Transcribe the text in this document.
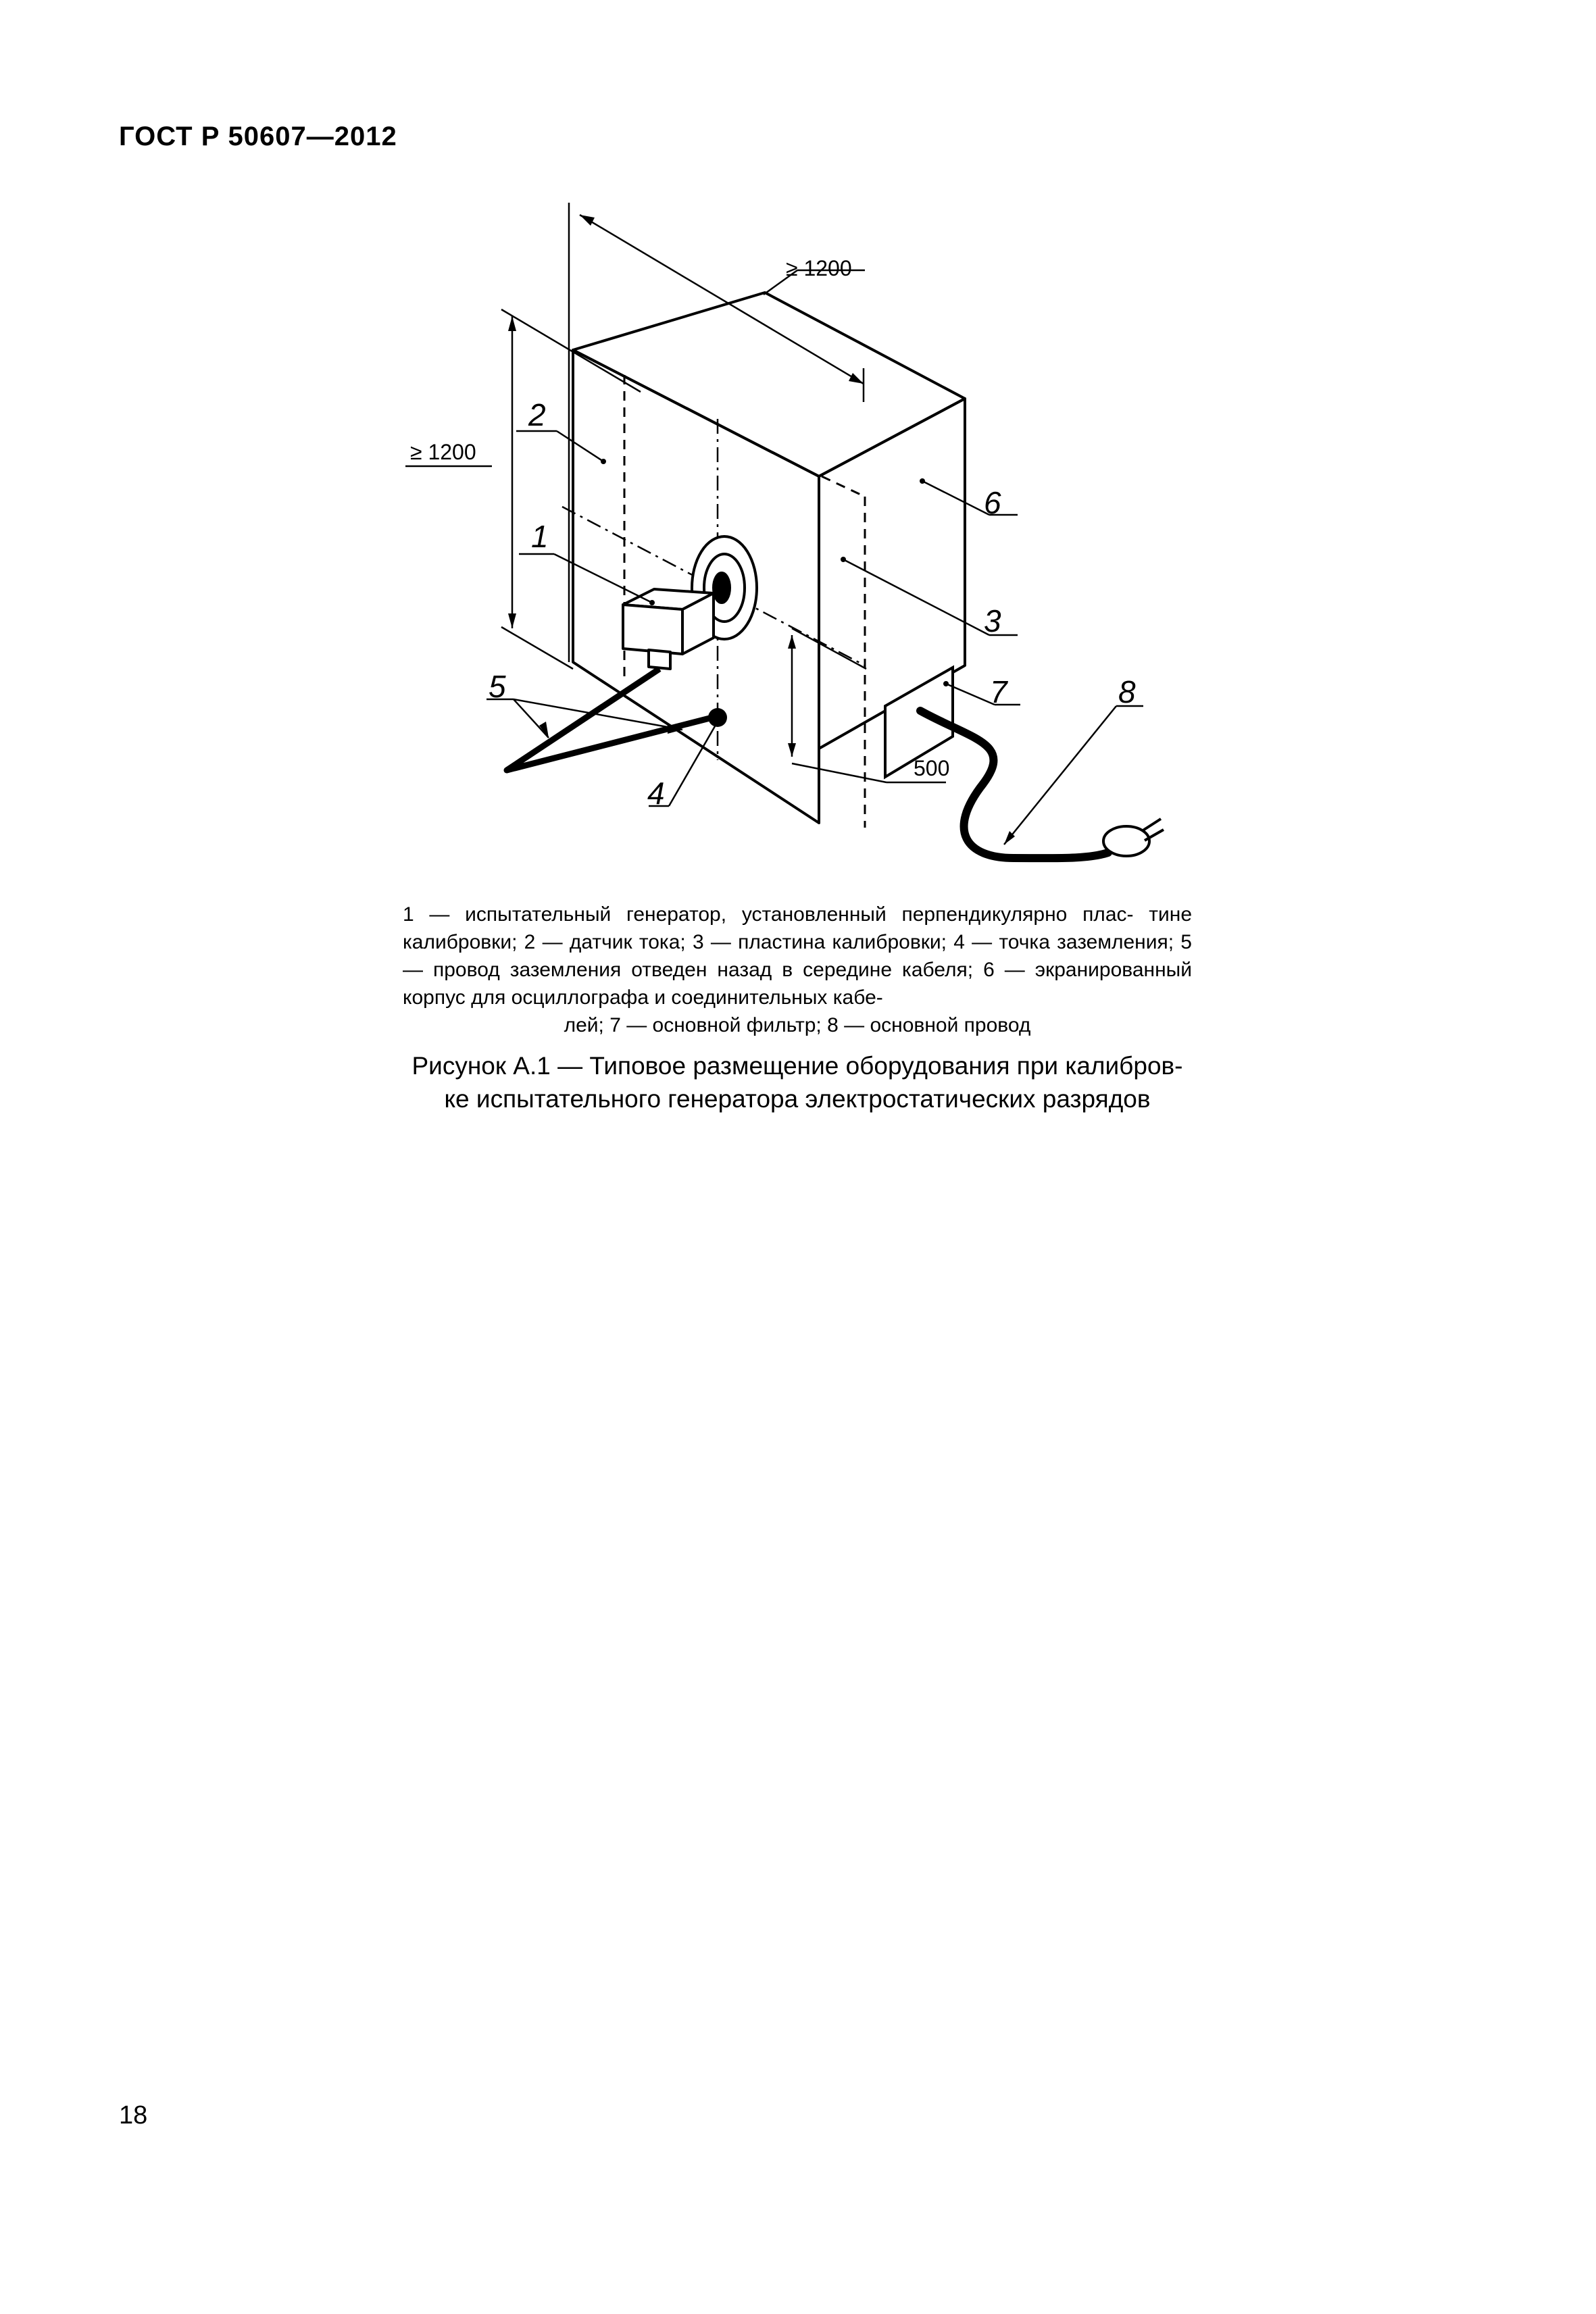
ГОСТ Р 50607—2012
≥ 1200
≥ 1200
500
2
1
6
3
7	8
5
4
1 — испытательный генератор, установленный перпендикулярно плас- тине калибровки; 2 — датчик тока; 3 — пластина калибровки; 4 — точка заземления; 5 — провод заземления отведен назад в середине кабеля; 6 — экранированный корпус для осциллографа и соединительных кабе-
лей; 7 — основной фильтр; 8 — основной провод
Рисунок А.1 — Типовое размещение оборудования при калибров-
ке испытательного генератора электростатических разрядов
18
